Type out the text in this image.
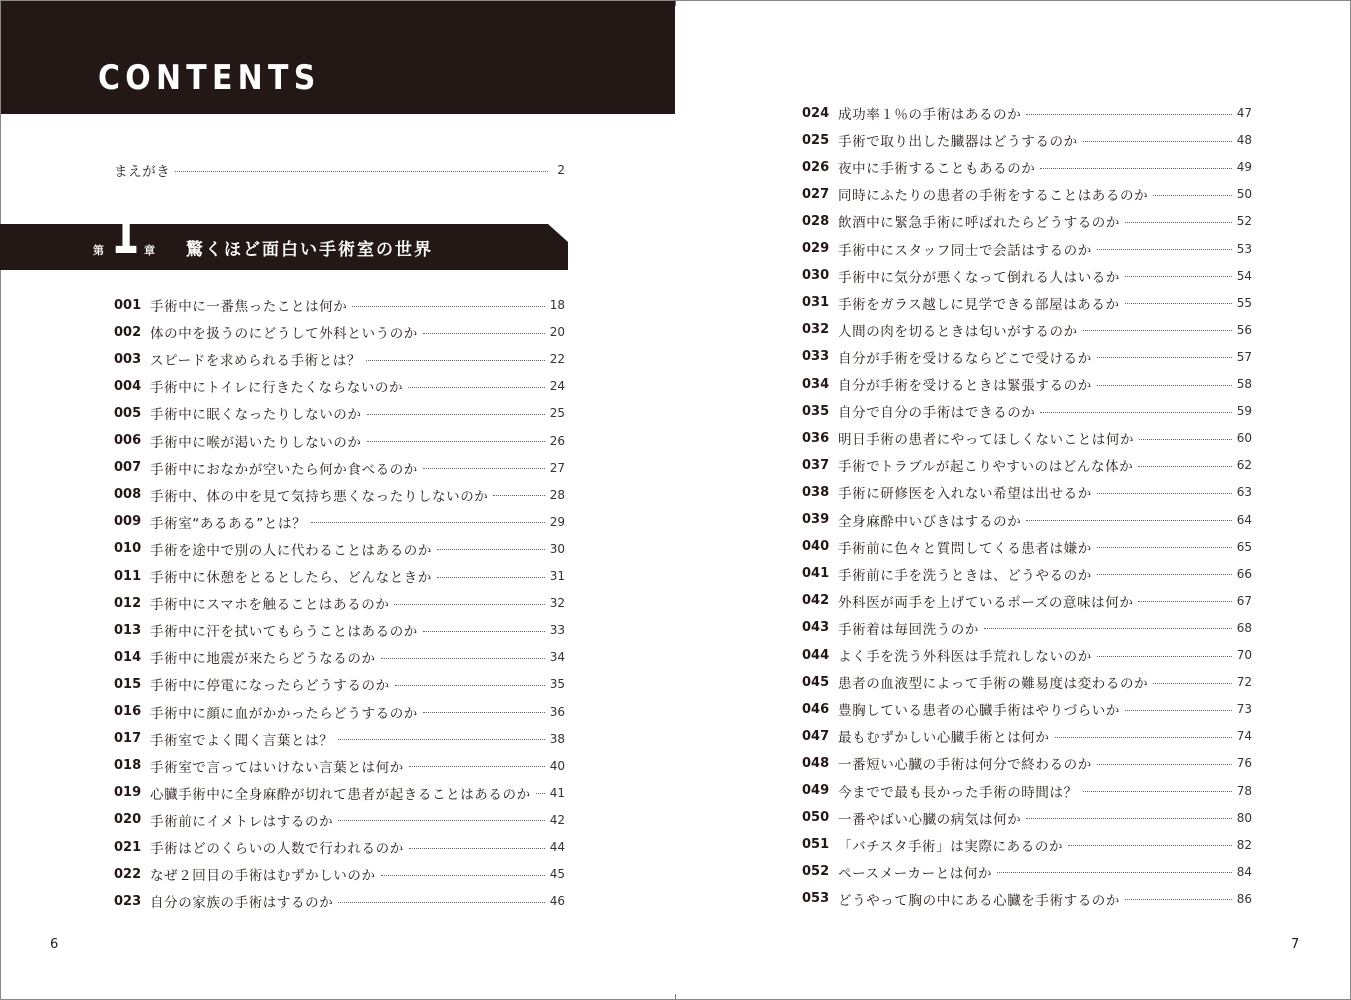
CONTENTS
まえがき	2
第 1 章 驚くほど面白い手術室の世界
001 手術中に一番焦ったことは何か	18
002 体の中を扱うのにどうして外科というのか	20
003 スピードを求められる手術とは？	22
004 手術中にトイレに行きたくならないのか	24
005 手術中に眠くなったりしないのか	25
006 手術中に喉が渇いたりしないのか	26
007 手術中におなかが空いたら何か食べるのか	27
008 手術中、体の中を見て気持ち悪くなったりしないのか	28
009 手術室“あるある”とは？	29
010 手術を途中で別の人に代わることはあるのか	30
011 手術中に休憩をとるとしたら、どんなときか	31
012 手術中にスマホを触ることはあるのか	32
013 手術中に汗を拭いてもらうことはあるのか	33
014 手術中に地震が来たらどうなるのか	34
015 手術中に停電になったらどうするのか	35
016 手術中に顔に血がかかったらどうするのか	36
017 手術室でよく聞く言葉とは？	38
018 手術室で言ってはいけない言葉とは何か	40
019 心臓手術中に全身麻酔が切れて患者が起きることはあるのか 41
020 手術前にイメトレはするのか	42
021 手術はどのくらいの人数で行われるのか	44
022 なぜ２回目の手術はむずかしいのか	45
023 自分の家族の手術はするのか	46
024 成功率１％の手術はあるのか	47
025 手術で取り出した臓器はどうするのか	48
026 夜中に手術することもあるのか	49
027 同時にふたりの患者の手術をすることはあるのか	50
028 飲酒中に緊急手術に呼ばれたらどうするのか	52
029 手術中にスタッフ同士で会話はするのか	53
030 手術中に気分が悪くなって倒れる人はいるか	54
031 手術をガラス越しに見学できる部屋はあるか	55
032 人間の肉を切るときは匂いがするのか	56
033 自分が手術を受けるならどこで受けるか	57
034 自分が手術を受けるときは緊張するのか	58
035 自分で自分の手術はできるのか	59
036 明日手術の患者にやってほしくないことは何か	60
037 手術でトラブルが起こりやすいのはどんな体か	62
038 手術に研修医を入れない希望は出せるか	63
039 全身麻酔中いびきはするのか	64
040 手術前に色々と質問してくる患者は嫌か	65
041 手術前に手を洗うときは、どうやるのか	66
042 外科医が両手を上げているポーズの意味は何か	67
043 手術着は毎回洗うのか	68
044 よく手を洗う外科医は手荒れしないのか	70
045 患者の血液型によって手術の難易度は変わるのか	72
046 豊胸している患者の心臓手術はやりづらいか	73
047 最もむずかしい心臓手術とは何か	74
048 一番短い心臓の手術は何分で終わるのか	76
049 今までで最も長かった手術の時間は？	78
050 一番やばい心臓の病気は何か	80
051 「バチスタ手術」は実際にあるのか	82
052 ペースメーカーとは何か	84
053 どうやって胸の中にある心臓を手術するのか	86
6	7
